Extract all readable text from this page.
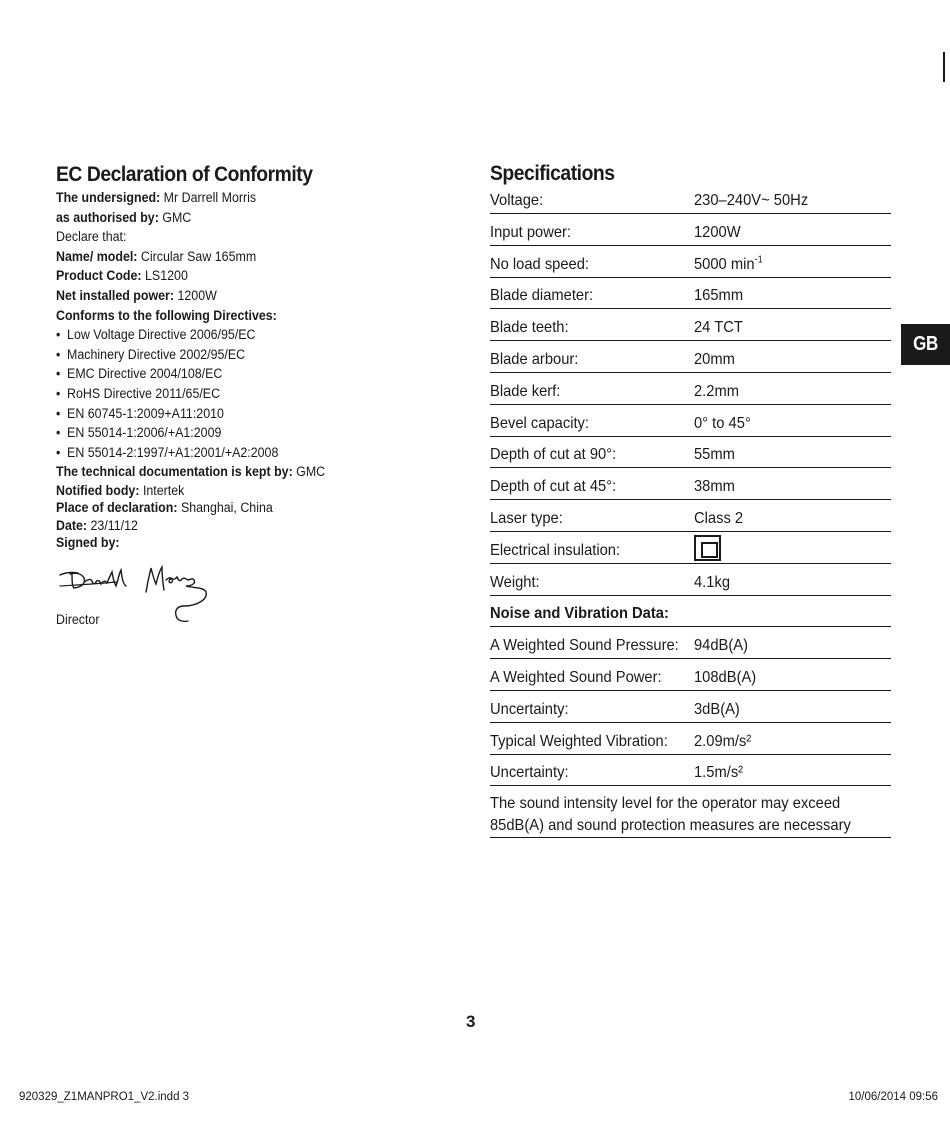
EC Declaration of Conformity
The undersigned: Mr Darrell Morris
as authorised by: GMC
Declare that:
Name/ model: Circular Saw 165mm
Product Code: LS1200
Net installed power: 1200W
Conforms to the following Directives:
• Low Voltage Directive 2006/95/EC
• Machinery Directive 2002/95/EC
• EMC Directive 2004/108/EC
• RoHS Directive 2011/65/EC
• EN 60745-1:2009+A11:2010
• EN 55014-1:2006/+A1:2009
• EN 55014-2:1997/+A1:2001/+A2:2008
The technical documentation is kept by: GMC
Notified body: Intertek
Place of declaration: Shanghai, China
Date: 23/11/12
Signed by:
Director
Specifications
Voltage:	230–240V~ 50Hz
Input power:	1200W
No load speed:	5000 $\min^{-1}$
Blade diameter:	165mm
Blade teeth:	24 TCT
Blade arbour:	20mm
Blade kerf:	2.2mm
Bevel capacity:	0° to 45°
Depth of cut at 90°:	55mm
Depth of cut at 45°:	38mm
Laser type:	Class 2
Electrical insulation:
Weight:	4.1kg
Noise and Vibration Data:
A Weighted Sound Pressure: 94dB(A)
A Weighted Sound Power: 108dB(A)
Uncertainty:	3dB(A)
Typical Weighted Vibration: 2.09m/s²
Uncertainty:	1.5m/s²
The sound intensity level for the operator may exceed
85dB(A) and sound protection measures are necessary
GB
3
920329_Z1MANPRO1_V2.indd 3	10/06/2014 09:56
